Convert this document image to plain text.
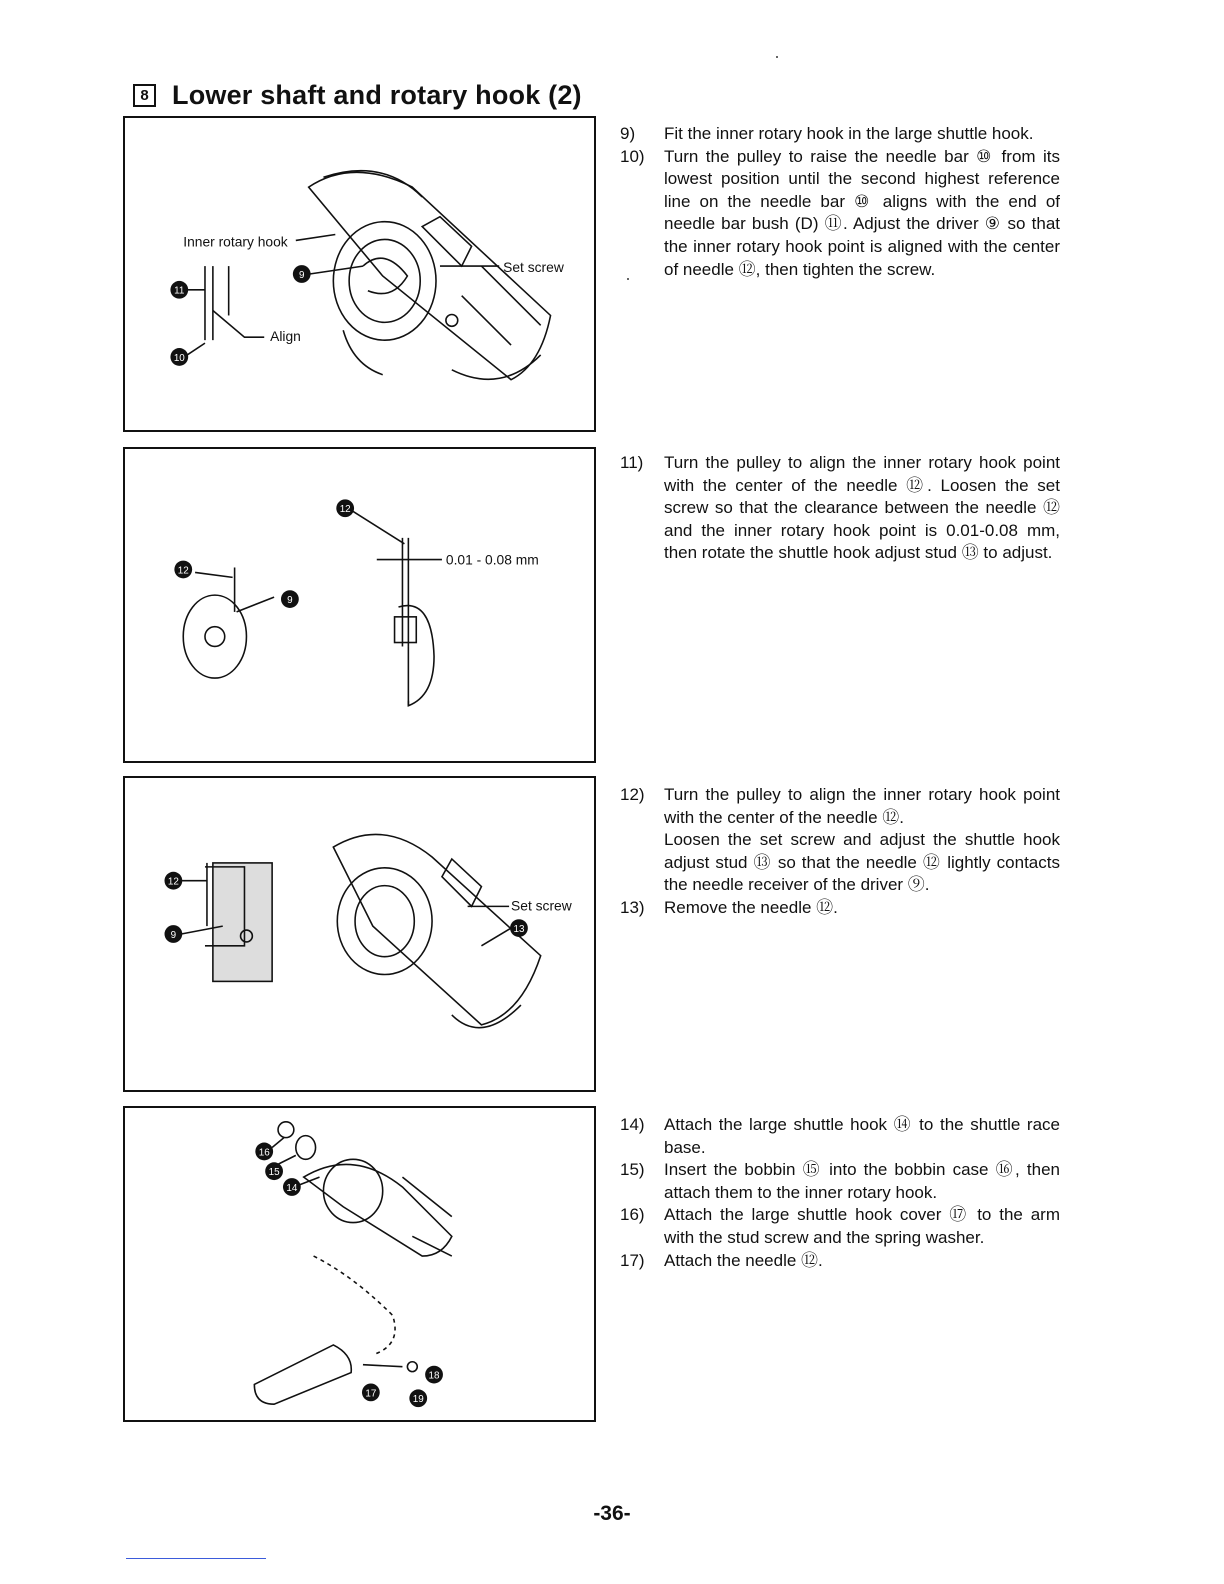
8 Lower shaft and rotary hook (2)
Inner rotary hook
Set screw
Align
11
10
9
0.01 - 0.08 mm
12
12
9
Set screw
12
9
13
16
15
14
17
18
19
9)	Fit the inner rotary hook in the large shuttle hook.
10)	Turn the pulley to raise the needle bar ⑩ from its lowest position until the second highest reference line on the needle bar ⑩ aligns with the end of needle bar bush (D) ⑪. Adjust the driver ⑨ so that the inner rotary hook point is aligned with the center of needle ⑫, then tighten the screw.
11)	Turn the pulley to align the inner rotary hook point with the center of the needle ⑫. Loosen the set screw so that the clearance between the needle ⑫ and the inner rotary hook point is 0.01-0.08 mm, then rotate the shuttle hook adjust stud ⑬ to adjust.
12)	Turn the pulley to align the inner rotary hook point with the center of the needle ⑫.
Loosen the set screw and adjust the shuttle hook adjust stud ⑬ so that the needle ⑫ lightly contacts the needle receiver of the driver ⑨.
13)	Remove the needle ⑫.
14)	Attach the large shuttle hook ⑭ to the shuttle race base.
15)	Insert the bobbin ⑮ into the bobbin case ⑯, then attach them to the inner rotary hook.
16)	Attach the large shuttle hook cover ⑰ to the arm with the stud screw and the spring washer.
17)	Attach the needle ⑫.
-36-
